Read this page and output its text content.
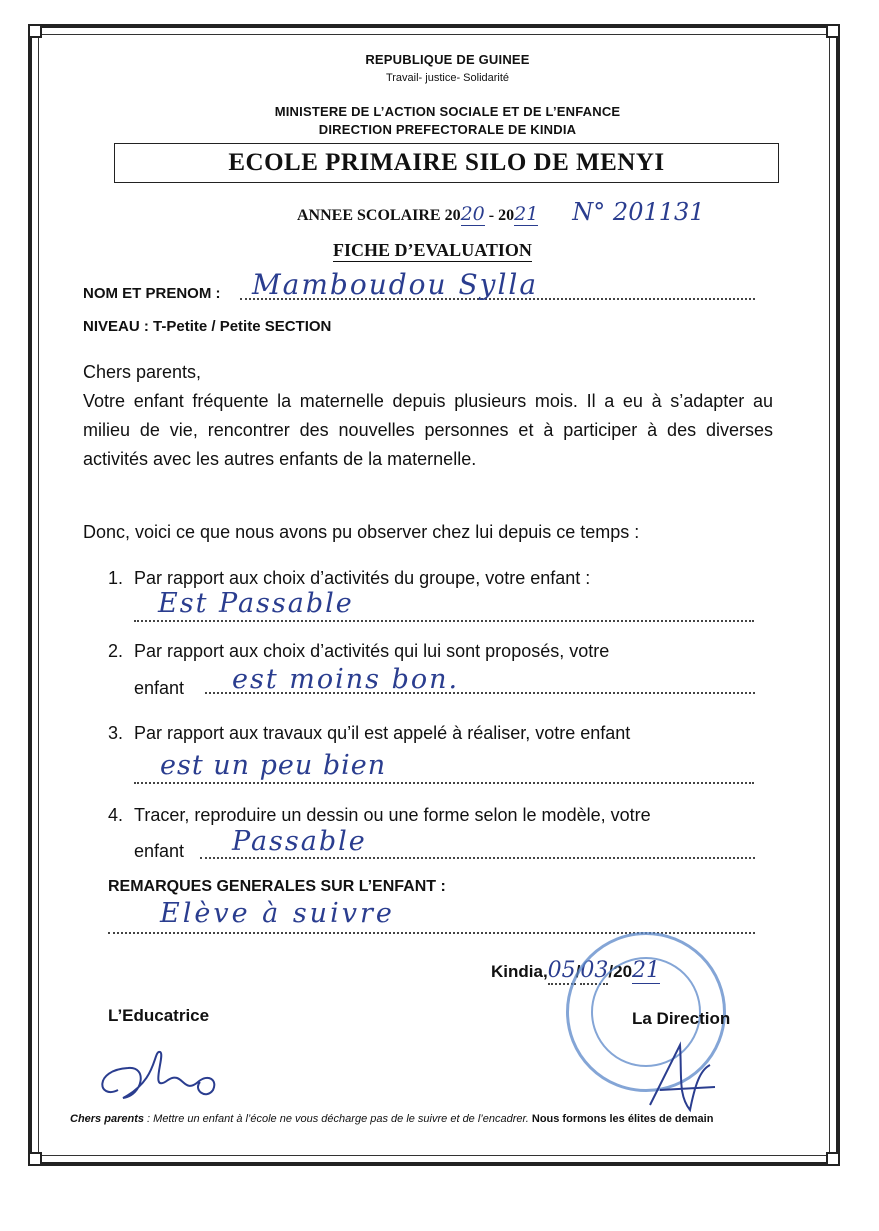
REPUBLIQUE DE GUINEE
Travail- justice- Solidarité
MINISTERE DE L’ACTION SOCIALE ET DE L’ENFANCE
DIRECTION PREFECTORALE DE KINDIA
ECOLE PRIMAIRE SILO DE MENYI
ANNEE SCOLAIRE 2020 - 2021 N° 201131
FICHE D’EVALUATION
NOM ET PRENOM : Mamboudou Sylla
NIVEAU : T-Petite / Petite SECTION
Chers parents,
Votre enfant fréquente la maternelle depuis plusieurs mois. Il a eu à s’adapter au milieu de vie, rencontrer des nouvelles personnes et à participer à des diverses activités avec les autres enfants de la maternelle.
Donc, voici ce que nous avons pu observer chez lui depuis ce temps :
1. Par rapport aux choix d’activités du groupe, votre enfant :
Est Passable
2. Par rapport aux choix d’activités qui lui sont proposés, votre
enfant est moins bon.
3. Par rapport aux travaux qu’il est appelé à réaliser, votre enfant
est un peu bien
4. Tracer, reproduire un dessin ou une forme selon le modèle, votre
enfant Passable
REMARQUES GENERALES SUR L’ENFANT :
Elève à suivre
Kindia,05/03/2021
L’Educatrice	La Direction
Chers parents : Mettre un enfant à l’école ne vous décharge pas de le suivre et de l’encadrer. Nous formons les élites de demain
